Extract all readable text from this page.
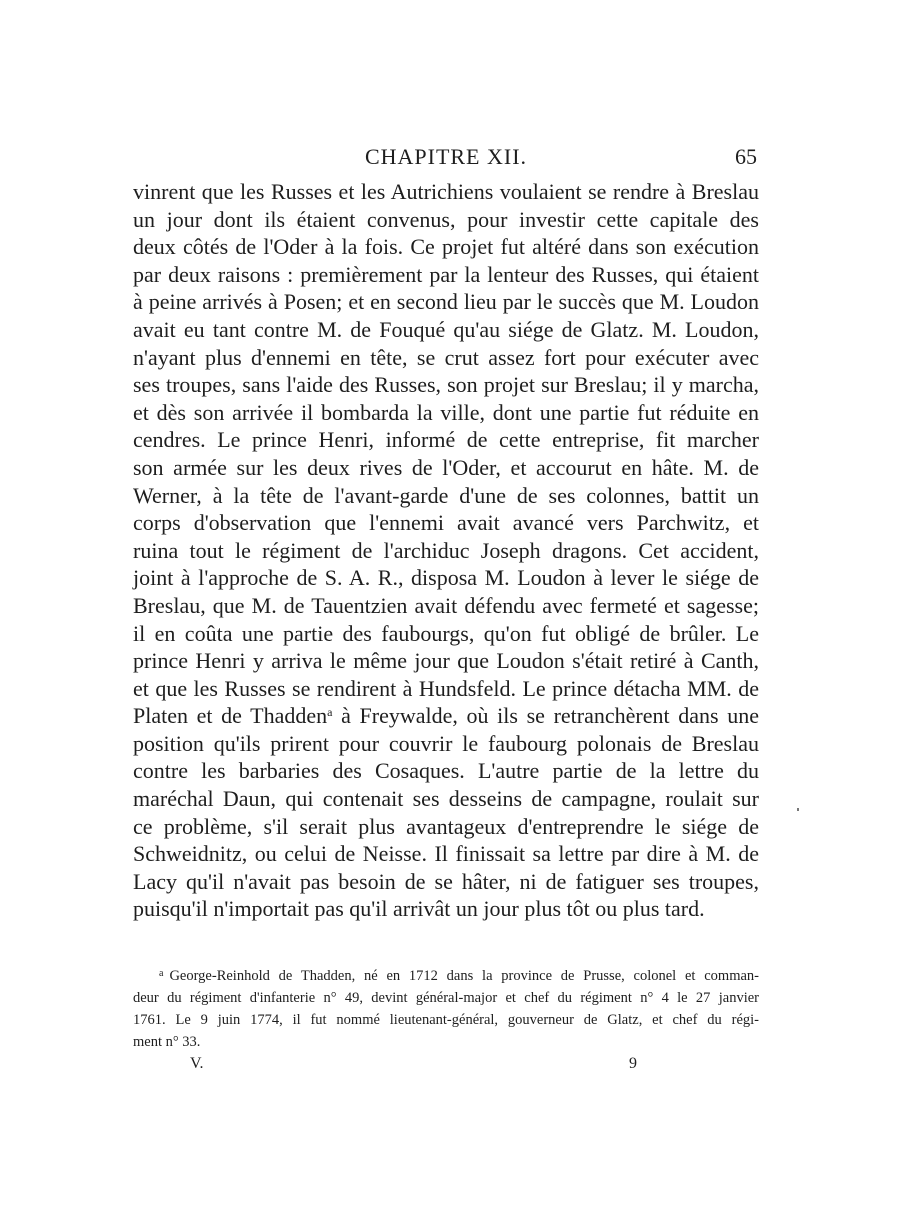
CHAPITRE XII.	65
vinrent que les Russes et les Autrichiens voulaient se rendre à Breslau
un jour dont ils étaient convenus, pour investir cette capitale des
deux côtés de l'Oder à la fois. Ce projet fut altéré dans son exécution
par deux raisons : premièrement par la lenteur des Russes, qui étaient
à peine arrivés à Posen; et en second lieu par le succès que M. Loudon
avait eu tant contre M. de Fouqué qu'au siége de Glatz. M. Loudon,
n'ayant plus d'ennemi en tête, se crut assez fort pour exécuter avec
ses troupes, sans l'aide des Russes, son projet sur Breslau; il y marcha,
et dès son arrivée il bombarda la ville, dont une partie fut réduite en
cendres. Le prince Henri, informé de cette entreprise, fit marcher
son armée sur les deux rives de l'Oder, et accourut en hâte. M. de
Werner, à la tête de l'avant-garde d'une de ses colonnes, battit un
corps d'observation que l'ennemi avait avancé vers Parchwitz, et
ruina tout le régiment de l'archiduc Joseph dragons. Cet accident,
joint à l'approche de S. A. R., disposa M. Loudon à lever le siége de
Breslau, que M. de Tauentzien avait défendu avec fermeté et sagesse;
il en coûta une partie des faubourgs, qu'on fut obligé de brûler. Le
prince Henri y arriva le même jour que Loudon s'était retiré à Canth,
et que les Russes se rendirent à Hundsfeld. Le prince détacha MM. de
Platen et de Thadden$^a$ à Freywalde, où ils se retranchèrent dans une
position qu'ils prirent pour couvrir le faubourg polonais de Breslau
contre les barbaries des Cosaques. L'autre partie de la lettre du
maréchal Daun, qui contenait ses desseins de campagne, roulait sur
ce problème, s'il serait plus avantageux d'entreprendre le siége de
Schweidnitz, ou celui de Neisse. Il finissait sa lettre par dire à M. de
Lacy qu'il n'avait pas besoin de se hâter, ni de fatiguer ses troupes,
puisqu'il n'importait pas qu'il arrivât un jour plus tôt ou plus tard.
$^a$ George-Reinhold de Thadden, né en 1712 dans la province de Prusse, colonel et comman-
deur du régiment d'infanterie n° 49, devint général-major et chef du régiment n° 4 le 27 janvier
1761. Le 9 juin 1774, il fut nommé lieutenant-général, gouverneur de Glatz, et chef du régi-
ment n° 33.
V.	9
